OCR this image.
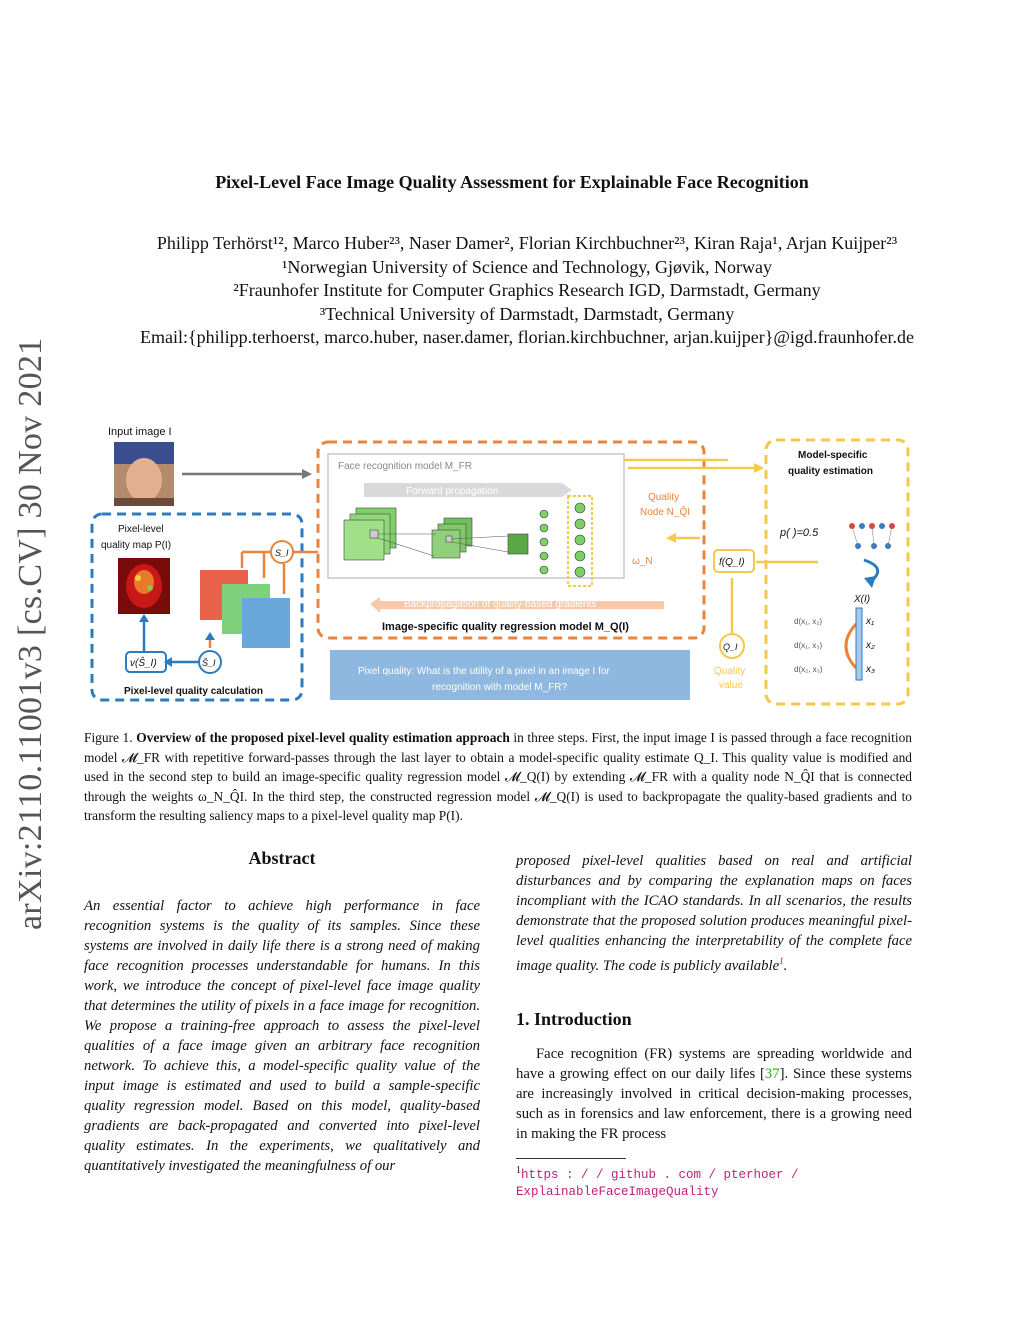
Pixel-Level Face Image Quality Assessment for Explainable Face Recognition
Philipp Terhörst¹², Marco Huber²³, Naser Damer², Florian Kirchbuchner²³, Kiran Raja¹, Arjan Kuijper²³
¹Norwegian University of Science and Technology, Gjøvik, Norway
²Fraunhofer Institute for Computer Graphics Research IGD, Darmstadt, Germany
³Technical University of Darmstadt, Darmstadt, Germany
Email:{philipp.terhoerst, marco.huber, naser.damer, florian.kirchbuchner, arjan.kuijper}@igd.fraunhofer.de
arXiv:2110.11001v3 [cs.CV] 30 Nov 2021	Input image I
Face recognition model M_FR
Forward propagation
Quality
Node N_Q̂I
ω_N
Backpropagation of quality-based gradients
Image-specific quality regression model M_Q(I)
f(Q_I)
Q_I
Quality
value
Model-specific
quality estimation
p( )=0.5
X(I)
d(x₁, x₂)
d(x₁, x₃)
d(x₂, x₃)
x₁
x₂
x₃
Pixel-level
quality map P(I)
v(Ŝ_I)	Ŝ_I
Pixel-level quality calculation
S_I
Pixel quality: What is the utility of a pixel in an image I for
recognition with model M_FR?
Figure 1. Overview of the proposed pixel-level quality estimation approach in three steps. First, the input image I is passed through a face recognition model 𝓜_FR with repetitive forward-passes through the last layer to obtain a model-specific quality estimate Q_I. This quality value is modified and used in the second step to build an image-specific quality regression model 𝓜_Q(I) by extending 𝓜_FR with a quality node N_Q̂I that is connected through the weights ω_N_Q̂I. In the third step, the constructed regression model 𝓜_Q(I) is used to backpropagate the quality-based gradients and to transform the resulting saliency maps to a pixel-level quality map P(I).
Abstract
An essential factor to achieve high performance in face recognition systems is the quality of its samples. Since these systems are involved in daily life there is a strong need of making face recognition processes understandable for humans. In this work, we introduce the concept of pixel-level face image quality that determines the utility of pixels in a face image for recognition. We propose a training-free approach to assess the pixel-level qualities of a face image given an arbitrary face recognition network. To achieve this, a model-specific quality value of the input image is estimated and used to build a sample-specific quality regression model. Based on this model, quality-based gradients are back-propagated and converted into pixel-level quality estimates. In the experiments, we qualitatively and quantitatively investigated the meaningfulness of our
proposed pixel-level qualities based on real and artificial disturbances and by comparing the explanation maps on faces incompliant with the ICAO standards. In all scenarios, the results demonstrate that the proposed solution produces meaningful pixel-level qualities enhancing the interpretability of the complete face image quality. The code is publicly available$^1$.
1. Introduction
Face recognition (FR) systems are spreading worldwide and have a growing effect on our daily lifes [37]. Since these systems are increasingly involved in critical decision-making processes, such as in forensics and law enforcement, there is a growing need in making the FR process
$^1$https : / / github . com / pterhoer /
ExplainableFaceImageQuality
